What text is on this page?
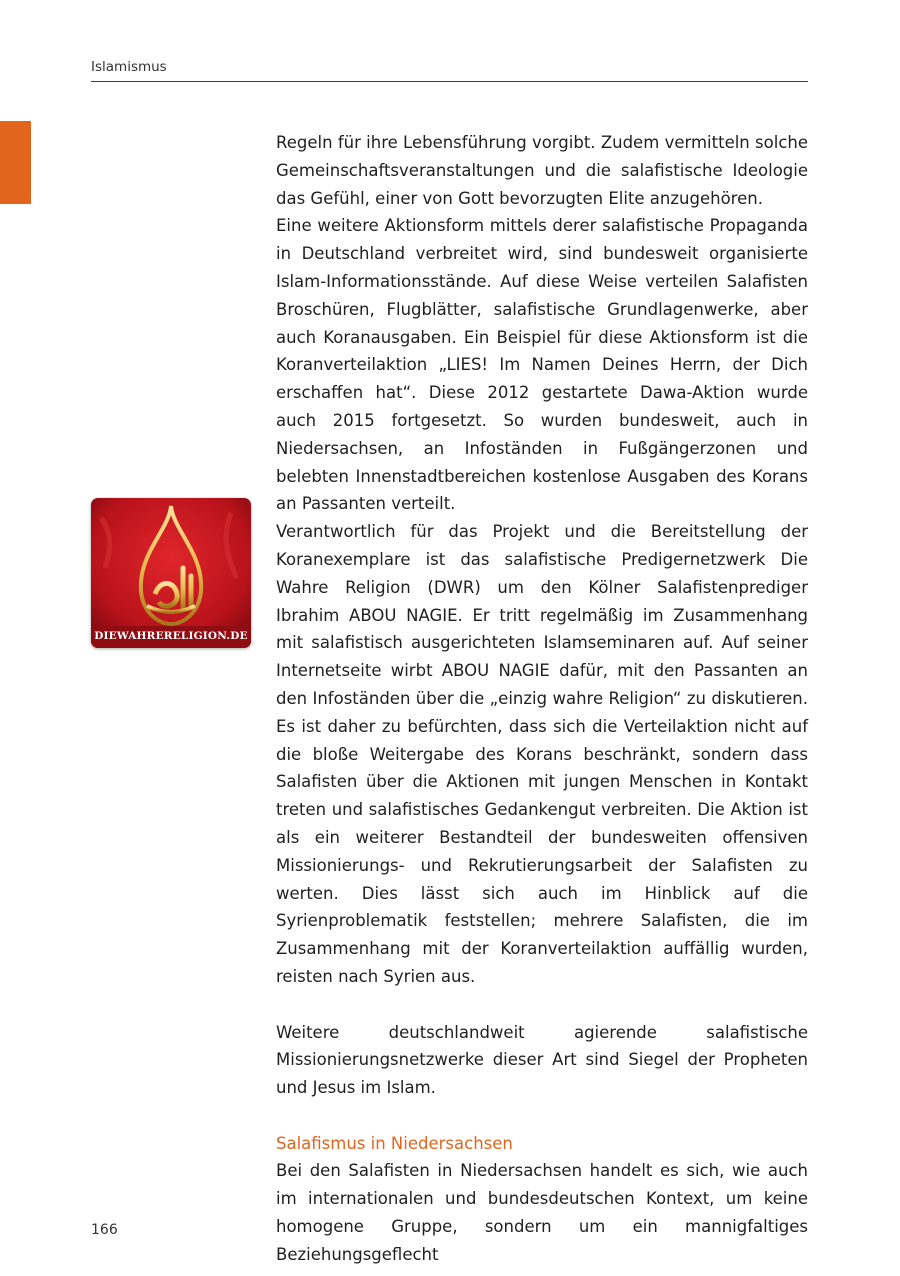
Islamismus
DIEWAHRERELIGION.DE

Regeln für ihre Lebensführung vorgibt. Zudem vermitteln solche Gemeinschaftsveranstaltungen und die salafistische Ideologie das Gefühl, einer von Gott bevorzugten Elite anzugehören.

Eine weitere Aktionsform mittels derer salafistische Propaganda in Deutschland verbreitet wird, sind bundesweit organisierte Islam-Informationsstände. Auf diese Weise verteilen Salafisten Broschüren, Flugblätter, salafistische Grundlagenwerke, aber auch Koranausgaben. Ein Beispiel für diese Aktionsform ist die Koranverteilaktion „LIES! Im Namen Deines Herrn, der Dich erschaffen hat“. Diese 2012 gestartete Dawa-Aktion wurde auch 2015 fortgesetzt. So wurden bundesweit, auch in Niedersachsen, an Infoständen in Fußgängerzonen und belebten Innenstadtbereichen kostenlose Ausgaben des Korans an Passanten verteilt.

Verantwortlich für das Projekt und die Bereitstellung der Koranexemplare ist das salafistische Predigernetzwerk Die Wahre Religion (DWR) um den Kölner Salafistenprediger Ibrahim ABOU NAGIE. Er tritt regelmäßig im Zusammenhang mit salafistisch ausgerichteten Islamseminaren auf. Auf seiner Internetseite wirbt ABOU NAGIE dafür, mit den Passanten an den Infoständen über die „einzig wahre Religion“ zu diskutieren. Es ist daher zu befürchten, dass sich die Verteilaktion nicht auf die bloße Weitergabe des Korans beschränkt, sondern dass Salafisten über die Aktionen mit jungen Menschen in Kontakt treten und salafistisches Gedankengut verbreiten. Die Aktion ist als ein weiterer Bestandteil der bundesweiten offensiven Missionierungs- und Rekrutierungsarbeit der Salafisten zu werten. Dies lässt sich auch im Hinblick auf die Syrienproblematik feststellen; mehrere Salafisten, die im Zusammenhang mit der Koranverteilaktion auffällig wurden, reisten nach Syrien aus.

Weitere deutschlandweit agierende salafistische Missionierungsnetzwerke dieser Art sind Siegel der Propheten und Jesus im Islam.

Salafismus in Niedersachsen

Bei den Salafisten in Niedersachsen handelt es sich, wie auch im internationalen und bundesdeutschen Kontext, um keine homogene Gruppe, sondern um ein mannigfaltiges Beziehungsgeflecht

166
